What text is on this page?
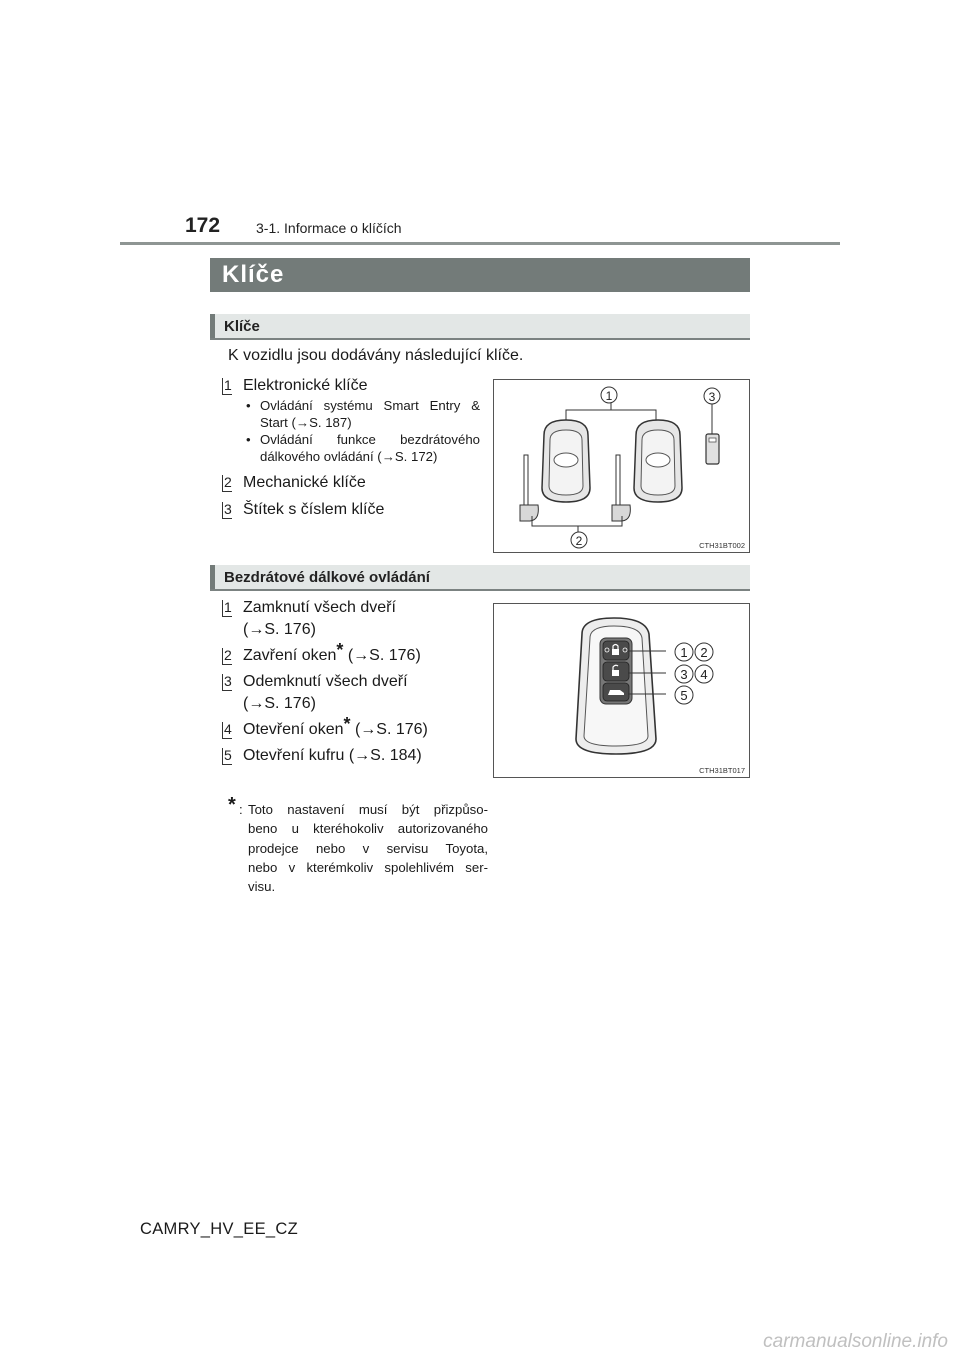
172	3-1. Informace o klíčích
Klíče
Klíče
K vozidlu jsou dodávány následující klíče.
1 Elektronické klíče
• Ovládání systému Smart Entry & Start (→S. 187)
• Ovládání funkce bezdrátového dálkového ovládání (→S. 172)
2 Mechanické klíče
3 Štítek s číslem klíče
1
2
3
CTH31BT002
Bezdrátové dálkové ovládání
1 Zamknutí všech dveří
(→S. 176)
2 Zavření oken* (→S. 176)
3 Odemknutí všech dveří
(→S. 176)
4 Otevření oken* (→S. 176)
5 Otevření kufru (→S. 184)
* : Toto nastavení musí být přizpůso-
beno u kteréhokoliv autorizovaného
prodejce nebo v servisu Toyota,
nebo v kterémkoliv spolehlivém ser-
visu.
1 2
3 4
5
CTH31BT017
CAMRY_HV_EE_CZ
carmanualsonline.info
